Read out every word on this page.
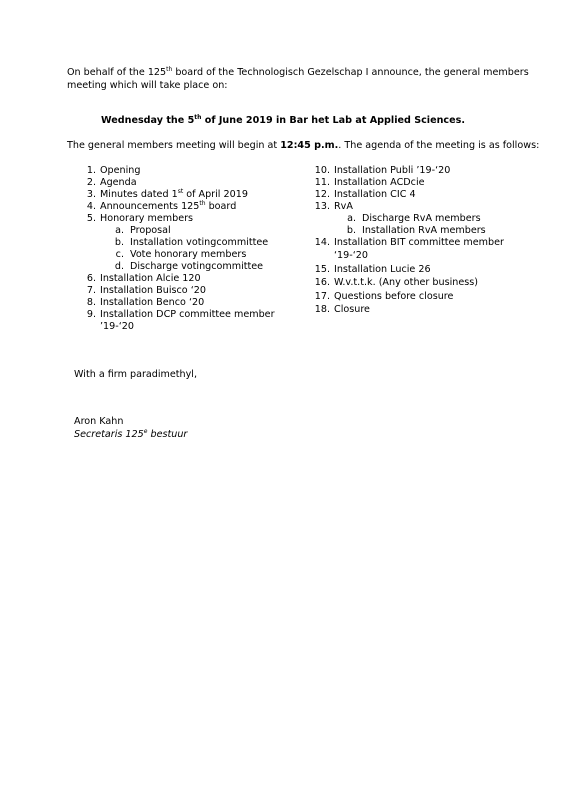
On behalf of the 125th board of the Technologisch Gezelschap I announce, the general members
meeting which will take place on:
Wednesday the 5th of June 2019 in Bar het Lab at Applied Sciences.
The general members meeting will begin at 12:45 p.m.. The agenda of the meeting is as follows:
1. Opening
2. Agenda
3. Minutes dated 1st of April 2019
4. Announcements 125th board
5. Honorary members
a. Proposal
b. Installation votingcommittee
c. Vote honorary members
d. Discharge votingcommittee
6. Installation Alcie 120
7. Installation Buisco ‘20
8. Installation Benco ‘20
9. Installation DCP committee member
’19-‘20
10. Installation Publi ’19-‘20
11. Installation ACDcie
12. Installation CIC 4
13. RvA
a. Discharge RvA members
b. Installation RvA members
14. Installation BIT committee member
‘19-‘20
15. Installation Lucie 26
16. W.v.t.t.k. (Any other business)
17. Questions before closure
18. Closure
With a firm paradimethyl,
Aron Kahn
Secretaris 125e bestuur
